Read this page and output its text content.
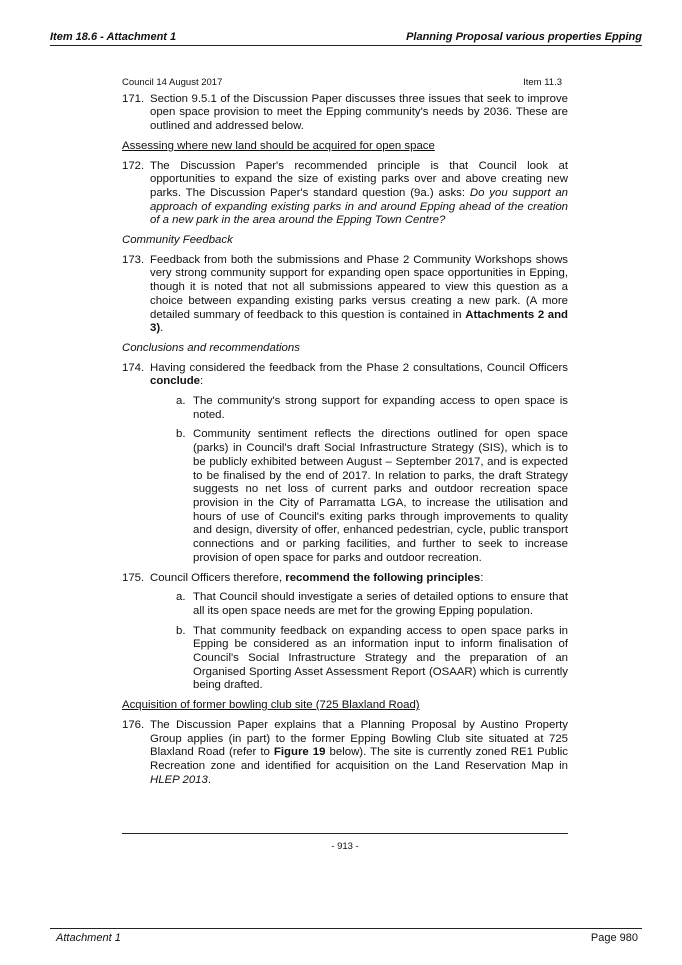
Item 18.6 - Attachment 1	Planning Proposal various properties Epping
Council 14 August 2017	Item 11.3
171. Section 9.5.1 of the Discussion Paper discusses three issues that seek to improve open space provision to meet the Epping community's needs by 2036. These are outlined and addressed below.
Assessing where new land should be acquired for open space
172. The Discussion Paper's recommended principle is that Council look at opportunities to expand the size of existing parks over and above creating new parks. The Discussion Paper's standard question (9a.) asks: Do you support an approach of expanding existing parks in and around Epping ahead of the creation of a new park in the area around the Epping Town Centre?
Community Feedback
173. Feedback from both the submissions and Phase 2 Community Workshops shows very strong community support for expanding open space opportunities in Epping, though it is noted that not all submissions appeared to view this question as a choice between expanding existing parks versus creating a new park. (A more detailed summary of feedback to this question is contained in Attachments 2 and 3).
Conclusions and recommendations
174. Having considered the feedback from the Phase 2 consultations, Council Officers conclude:
a. The community's strong support for expanding access to open space is noted.
b. Community sentiment reflects the directions outlined for open space (parks) in Council's draft Social Infrastructure Strategy (SIS), which is to be publicly exhibited between August – September 2017, and is expected to be finalised by the end of 2017. In relation to parks, the draft Strategy suggests no net loss of current parks and outdoor recreation space provision in the City of Parramatta LGA, to increase the utilisation and hours of use of Council's exiting parks through improvements to quality and design, diversity of offer, enhanced pedestrian, cycle, public transport connections and or parking facilities, and further to seek to increase provision of open space for parks and outdoor recreation.
175. Council Officers therefore, recommend the following principles:
a. That Council should investigate a series of detailed options to ensure that all its open space needs are met for the growing Epping population.
b. That community feedback on expanding access to open space parks in Epping be considered as an information input to inform finalisation of Council's Social Infrastructure Strategy and the preparation of an Organised Sporting Asset Assessment Report (OSAAR) which is currently being drafted.
Acquisition of former bowling club site (725 Blaxland Road)
176. The Discussion Paper explains that a Planning Proposal by Austino Property Group applies (in part) to the former Epping Bowling Club site situated at 725 Blaxland Road (refer to Figure 19 below). The site is currently zoned RE1 Public Recreation zone and identified for acquisition on the Land Reservation Map in HLEP 2013.
- 913 -
Attachment 1	Page 980
